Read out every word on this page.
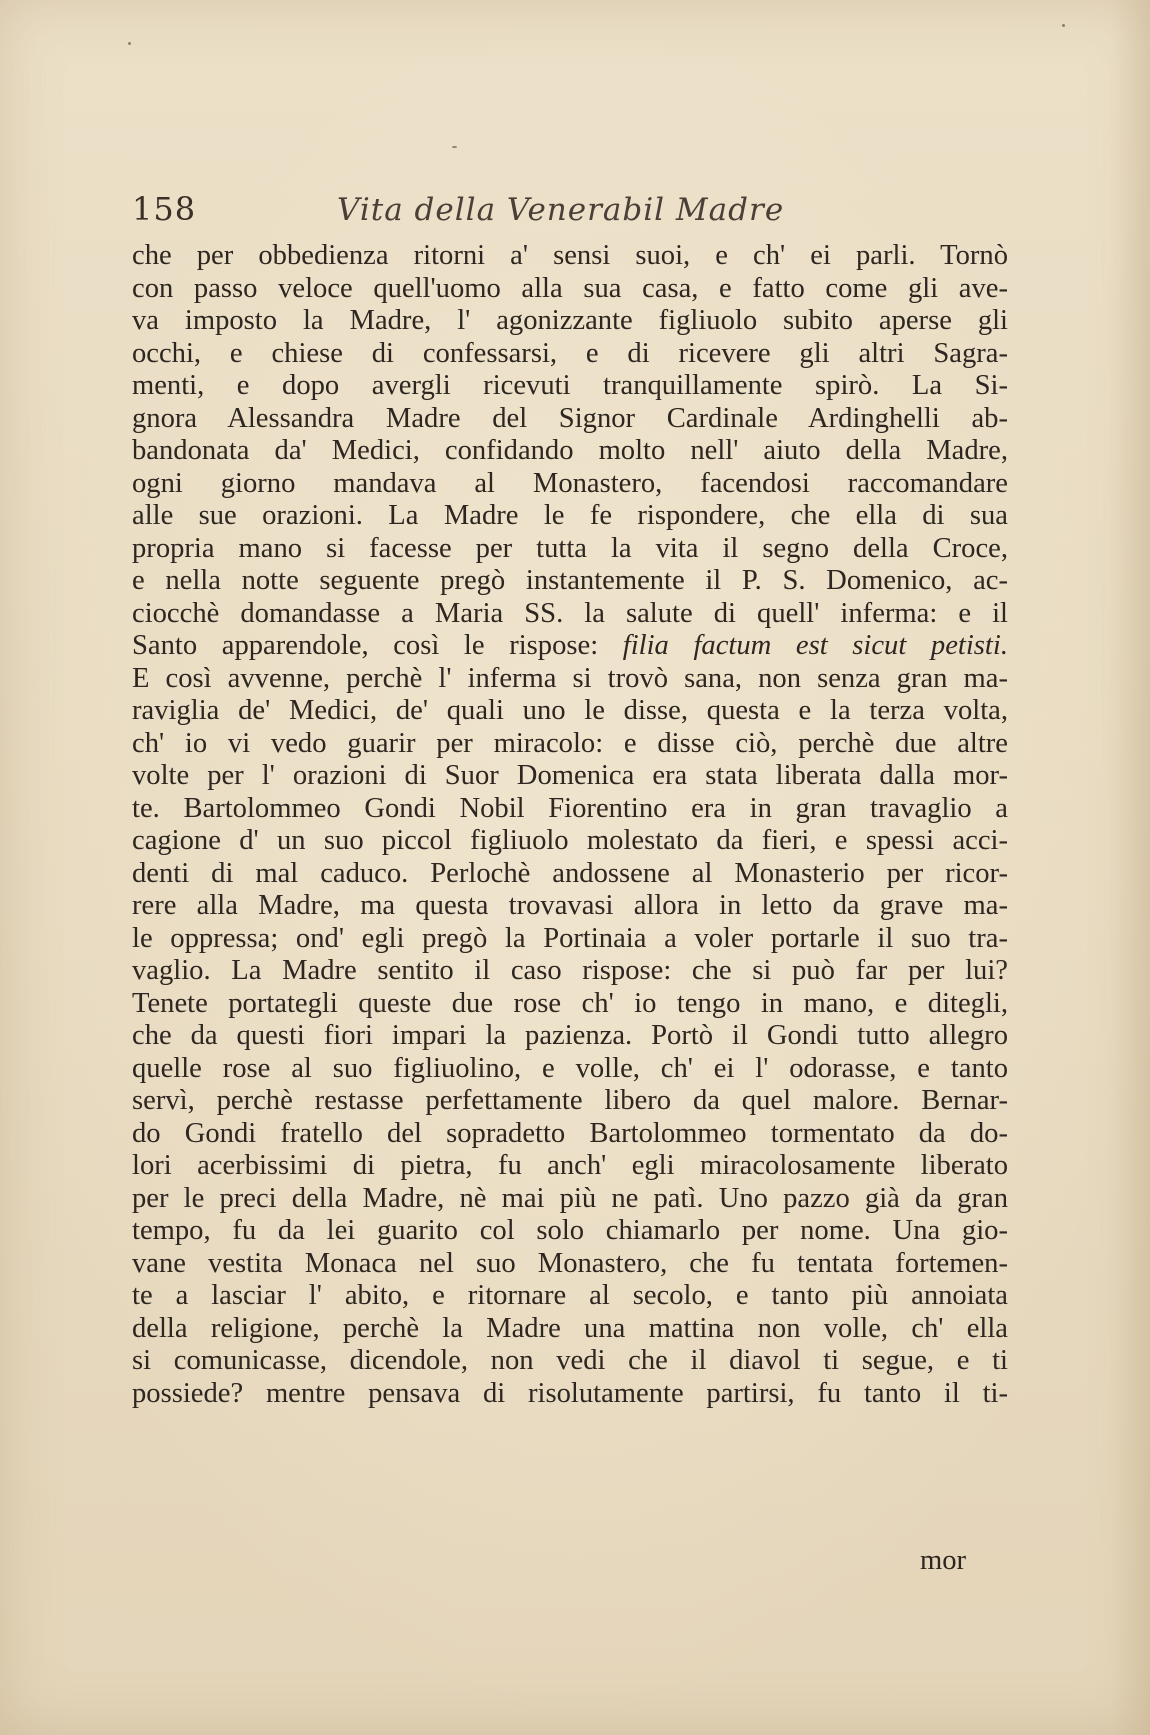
158	Vita della Venerabil Madre
che per obbedienza ritorni a' sensi suoi, e ch' ei parli. Tornò
con passo veloce quell'uomo alla sua casa, e fatto come gli ave-
va imposto la Madre, l' agonizzante figliuolo subito aperse gli
occhi, e chiese di confessarsi, e di ricevere gli altri Sagra-
menti, e dopo avergli ricevuti tranquillamente spirò. La Si-
gnora Alessandra Madre del Signor Cardinale Ardinghelli ab-
bandonata da' Medici, confidando molto nell' aiuto della Madre,
ogni giorno mandava al Monastero, facendosi raccomandare
alle sue orazioni. La Madre le fe rispondere, che ella di sua
propria mano si facesse per tutta la vita il segno della Croce,
e nella notte seguente pregò instantemente il P. S. Domenico, ac-
ciocchè domandasse a Maria SS. la salute di quell' inferma: e il
Santo apparendole, così le rispose: filia factum est sicut petisti.
E così avvenne, perchè l' inferma si trovò sana, non senza gran ma-
raviglia de' Medici, de' quali uno le disse, questa e la terza volta,
ch' io vi vedo guarir per miracolo: e disse ciò, perchè due altre
volte per l' orazioni di Suor Domenica era stata liberata dalla mor-
te. Bartolommeo Gondi Nobil Fiorentino era in gran travaglio a
cagione d' un suo piccol figliuolo molestato da fieri, e spessi acci-
denti di mal caduco. Perlochè andossene al Monasterio per ricor-
rere alla Madre, ma questa trovavasi allora in letto da grave ma-
le oppressa; ond' egli pregò la Portinaia a voler portarle il suo tra-
vaglio. La Madre sentito il caso rispose: che si può far per lui?
Tenete portategli queste due rose ch' io tengo in mano, e ditegli,
che da questi fiori impari la pazienza. Portò il Gondi tutto allegro
quelle rose al suo figliuolino, e volle, ch' ei l' odorasse, e tanto
servì, perchè restasse perfettamente libero da quel malore. Bernar-
do Gondi fratello del sopradetto Bartolommeo tormentato da do-
lori acerbissimi di pietra, fu anch' egli miracolosamente liberato
per le preci della Madre, nè mai più ne patì. Uno pazzo già da gran
tempo, fu da lei guarito col solo chiamarlo per nome. Una gio-
vane vestita Monaca nel suo Monastero, che fu tentata fortemen-
te a lasciar l' abito, e ritornare al secolo, e tanto più annoiata
della religione, perchè la Madre una mattina non volle, ch' ella
si comunicasse, dicendole, non vedi che il diavol ti segue, e ti
possiede? mentre pensava di risolutamente partirsi, fu tanto il ti-
mor
